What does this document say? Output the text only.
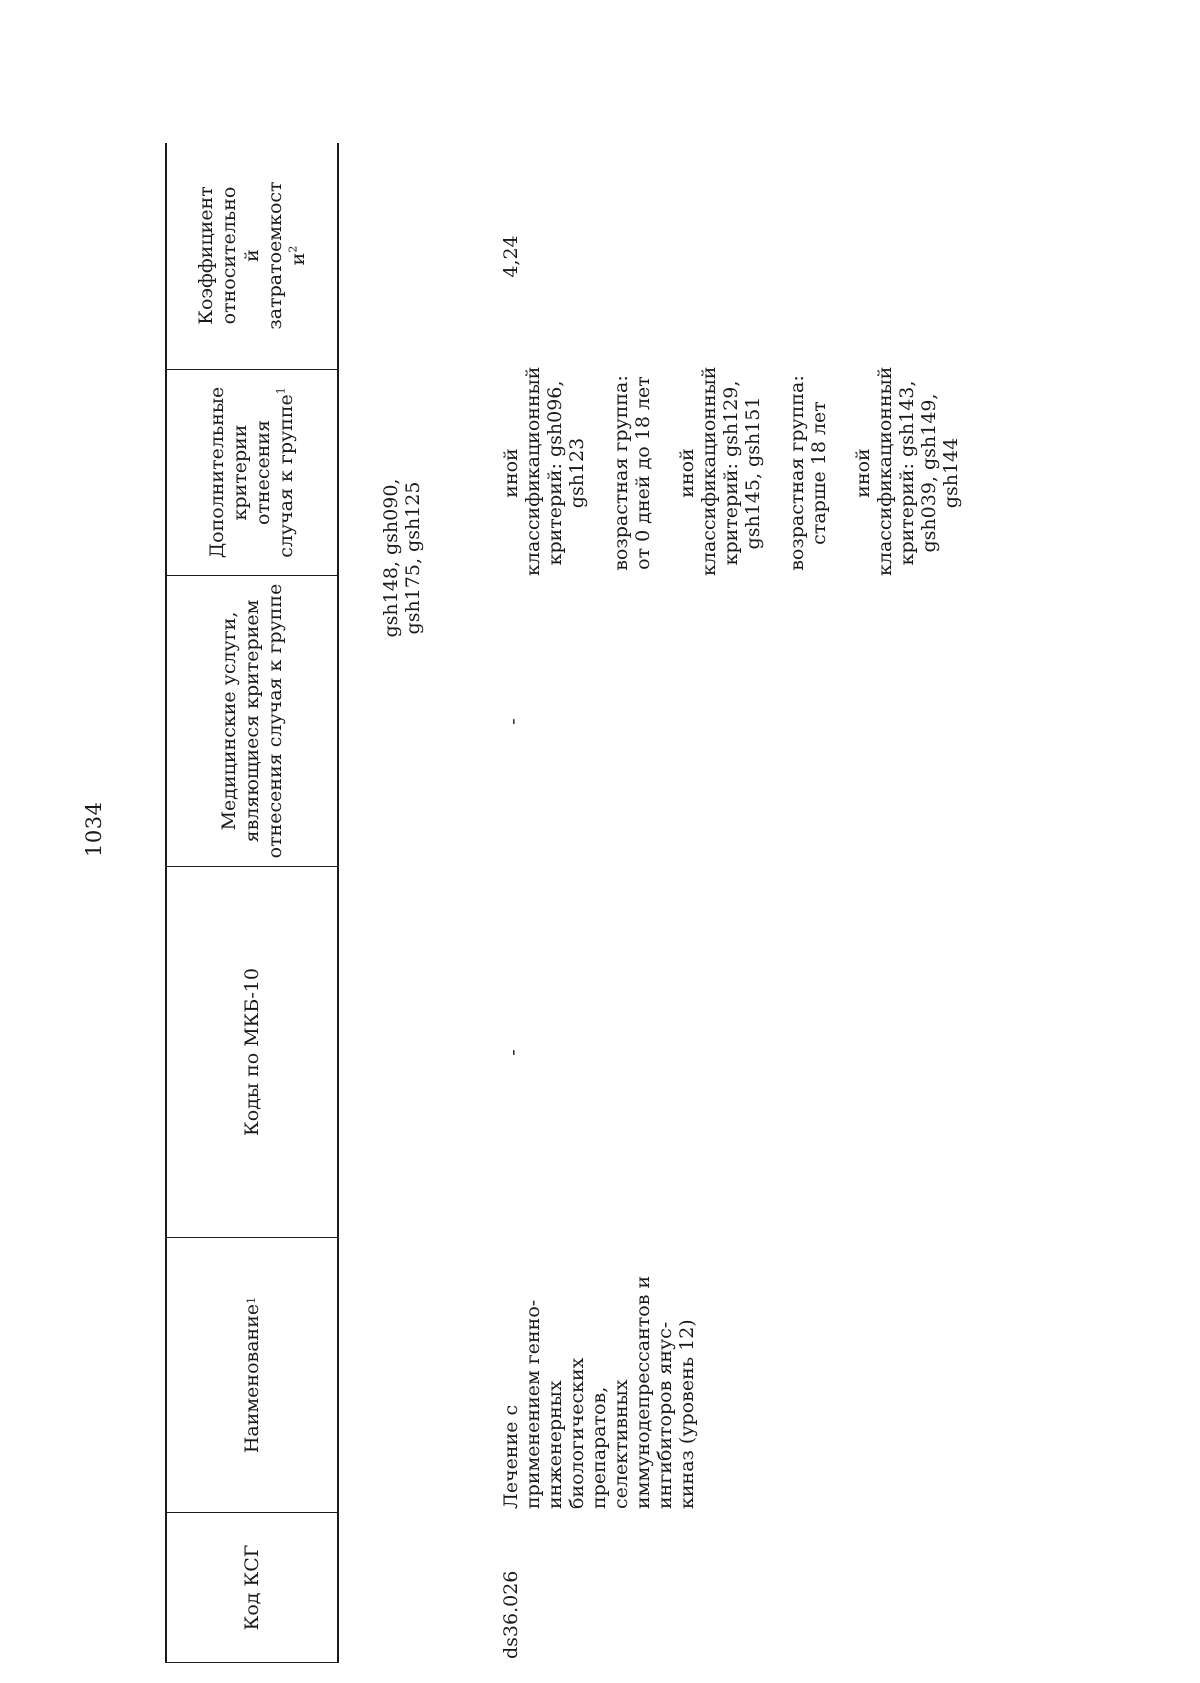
1034
Код КСГ
Наименование
1
Коды по МКБ-10
Медицинские услуги, являющиеся критерием отнесения случая к группе
Дополнительные критерии отнесения случая к группе$^1$
Коэффициент относительно й затратоемкост $и^2$
gsh148, gsh090, gsh175, gsh125
ds36.026
Лечение с применением генно- инженерных биологических препаратов, селективных иммунодепрессантов и ингибиторов янус- киназ (уровень 12)
-
-
иной классификационный критерий: gsh096, gsh123 возрастная группа: от 0 дней до 18 лет иной классификационный критерий: gsh129, gsh145, gsh151 возрастная группа: старше 18 лет иной классификационный критерий: gsh143, gsh039, gsh149, gsh144
4,24
